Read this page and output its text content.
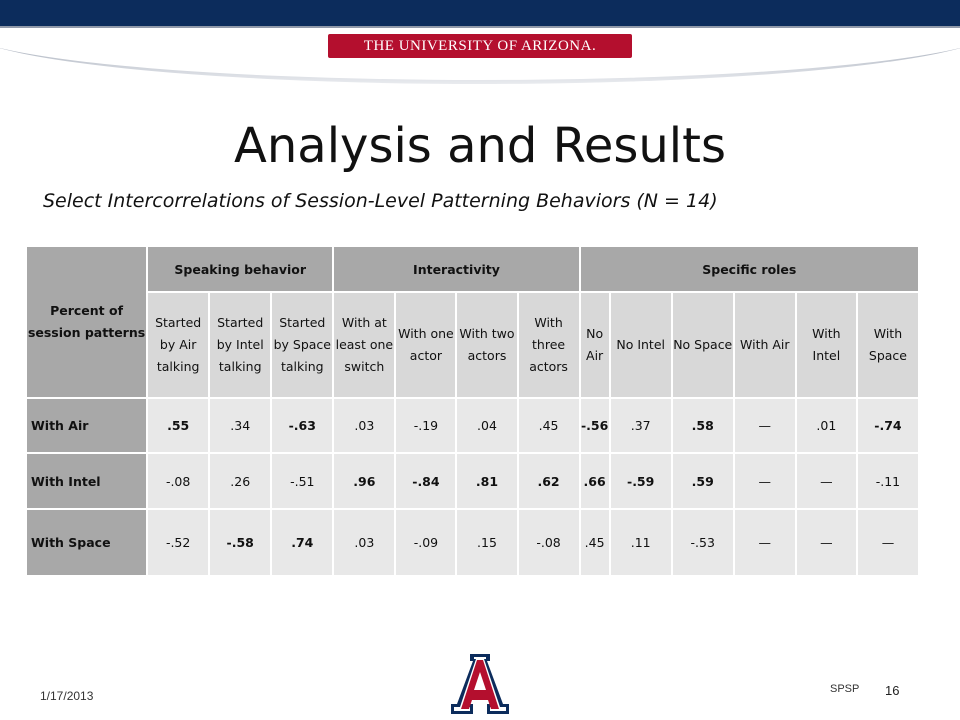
THE UNIVERSITY OF ARIZONA.
Analysis and Results
Select Intercorrelations of Session-Level Patterning Behaviors (N = 14)
Percent of session patterns	Speaking behavior			Interactivity				Specific roles					
	Started by Air talking	Started by Intel talking	Started by Space talking	With at least one switch	With one actor	With two actors	With three actors	No Air	No Intel	No Space	With Air	With Intel	With Space
With Air	.55	.34	-.63	.03	-.19	.04	.45	-.56	.37	.58	—	.01	-.74
With Intel	-.08	.26	-.51	.96	-.84	.81	.62	.66	-.59	.59	—	—	-.11
With Space	-.52	-.58	.74	.03	-.09	.15	-.08	.45	.11	-.53	—	—	—
1/17/2013	SPSP 16
